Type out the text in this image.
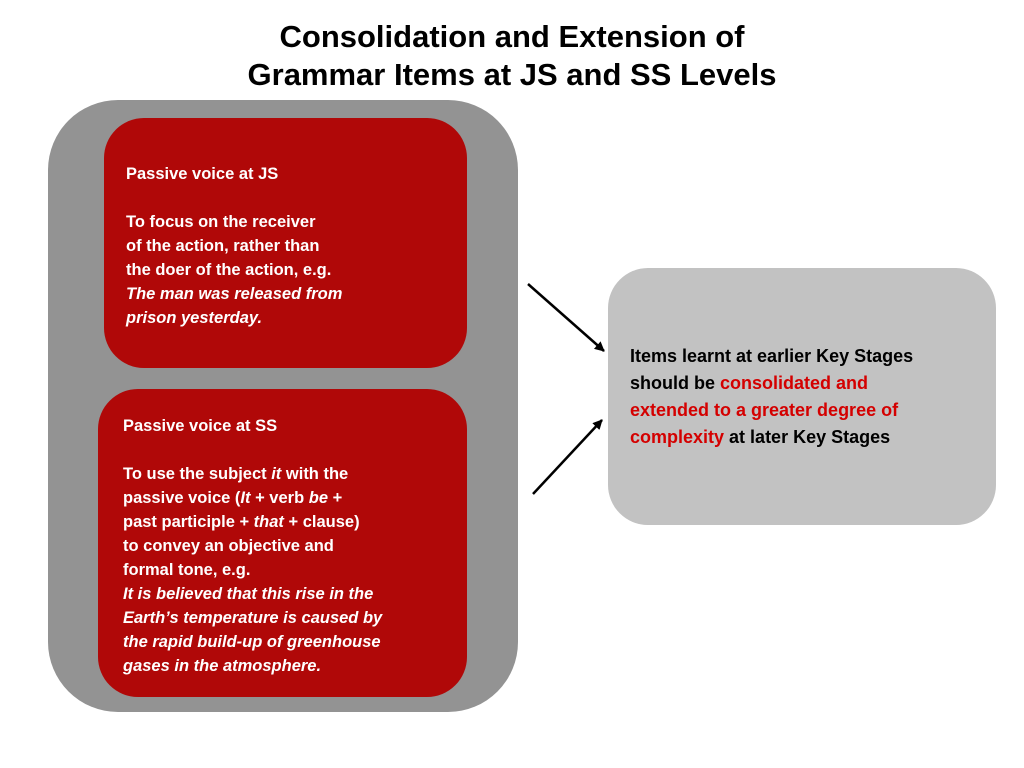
Consolidation and Extension of
Grammar Items at JS and SS Levels
Passive voice at JS
To focus on the receiver
of the action, rather than
the doer of the action, e.g.
The man was released from
prison yesterday.
Passive voice at SS
To use the subject it with the
passive voice (It + verb be +
past participle + that + clause)
to convey an objective and
formal tone, e.g.
It is believed that this rise in the
Earth’s temperature is caused by
the rapid build-up of greenhouse
gases in the atmosphere.
Items learnt at earlier Key Stages
should be consolidated and
extended to a greater degree of
complexity at later Key Stages
